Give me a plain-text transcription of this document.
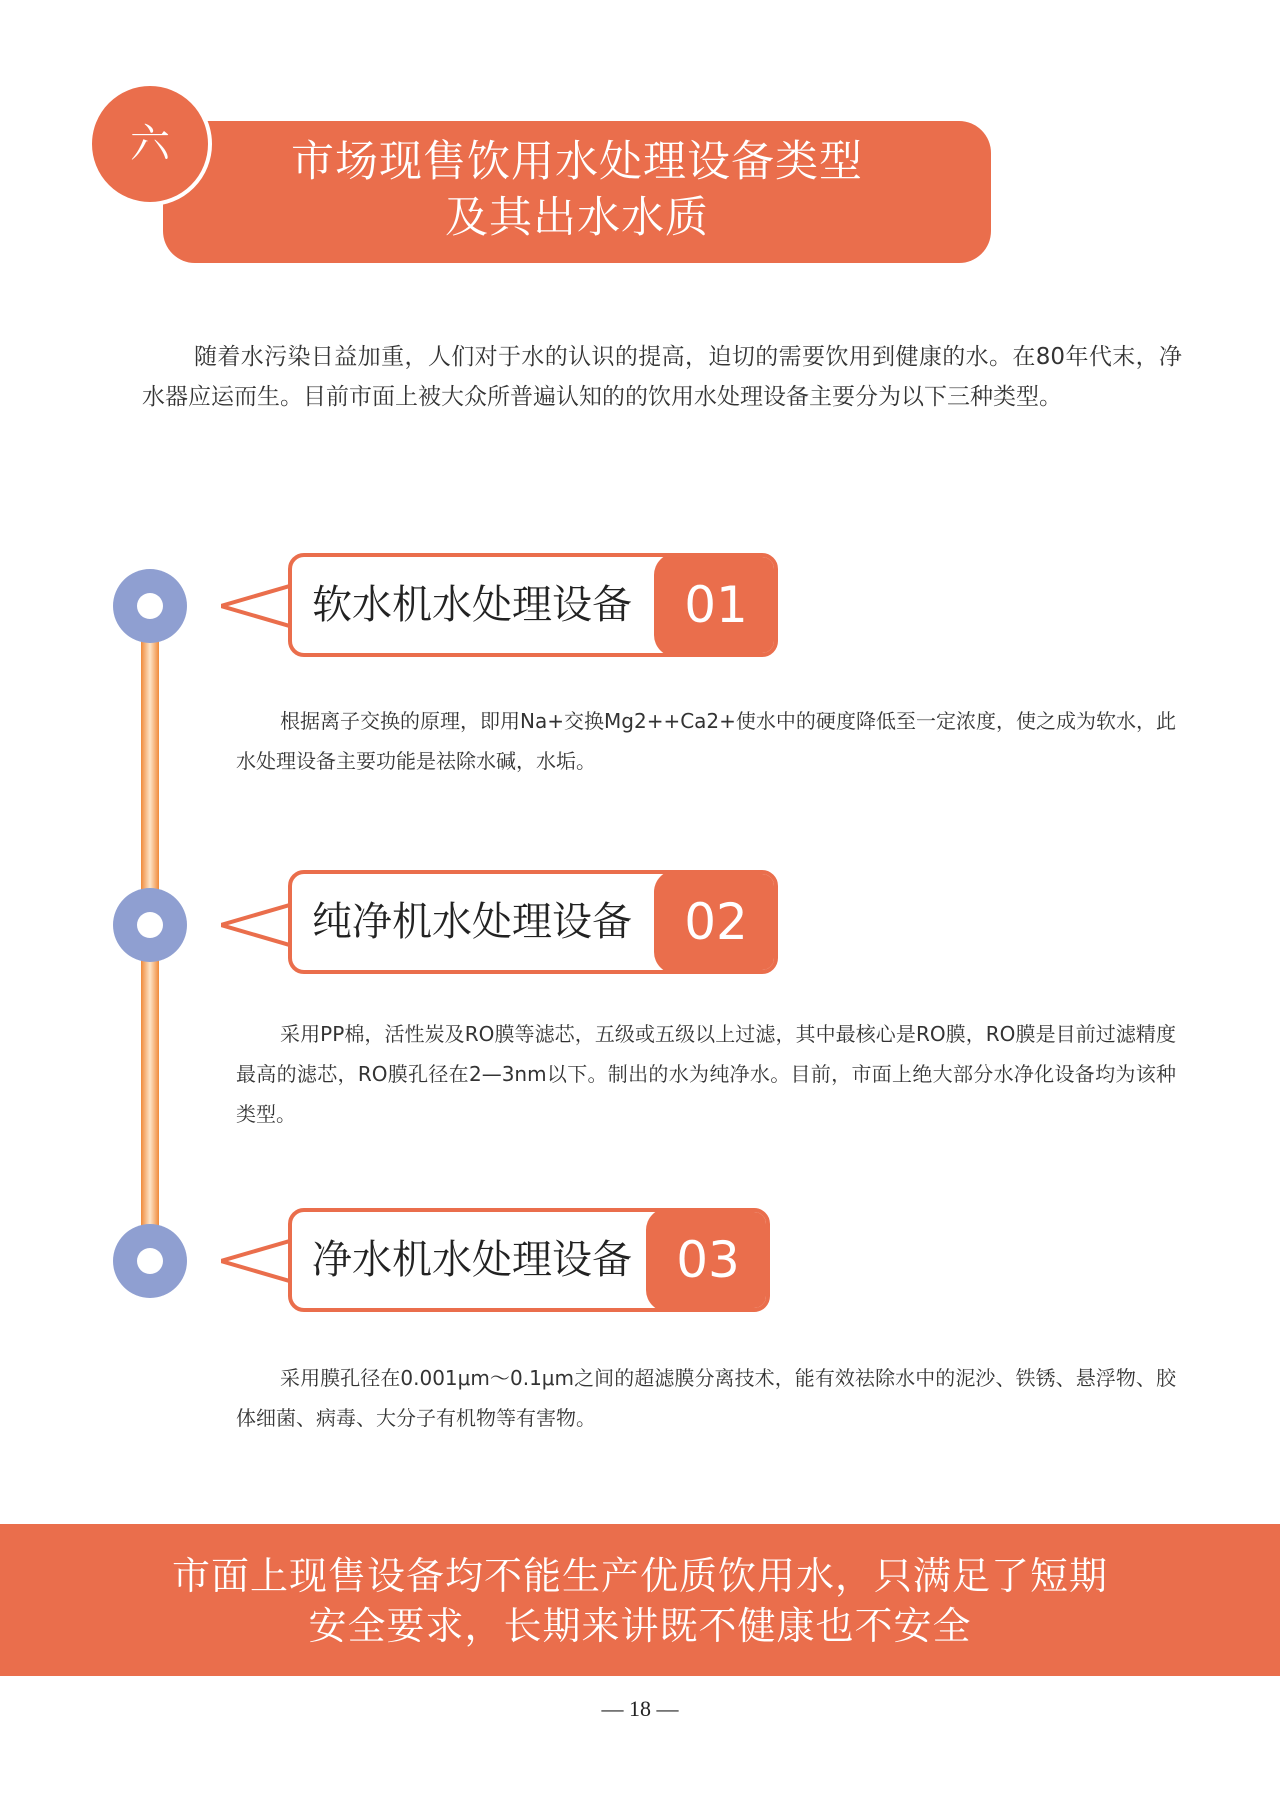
六	市场现售饮用水处理设备类型
及其出水水质
随着水污染日益加重，人们对于水的认识的提高，迫切的需要饮用到健康的水。在80年代末，净水器应运而生。目前市面上被大众所普遍认知的的饮用水处理设备主要分为以下三种类型。
软水机水处理设备	01
根据离子交换的原理，即用Na+交换Mg2++Ca2+使水中的硬度降低至一定浓度，使之成为软水，此水处理设备主要功能是祛除水碱，水垢。
纯净机水处理设备	02
采用PP棉，活性炭及RO膜等滤芯，五级或五级以上过滤，其中最核心是RO膜，RO膜是目前过滤精度最高的滤芯，RO膜孔径在2—3nm以下。制出的水为纯净水。目前，市面上绝大部分水净化设备均为该种类型。
净水机水处理设备 03
采用膜孔径在0.001μm～0.1μm之间的超滤膜分离技术，能有效祛除水中的泥沙、铁锈、悬浮物、胶体细菌、病毒、大分子有机物等有害物。
市面上现售设备均不能生产优质饮用水，只满足了短期
安全要求，长期来讲既不健康也不安全
— 18 —
